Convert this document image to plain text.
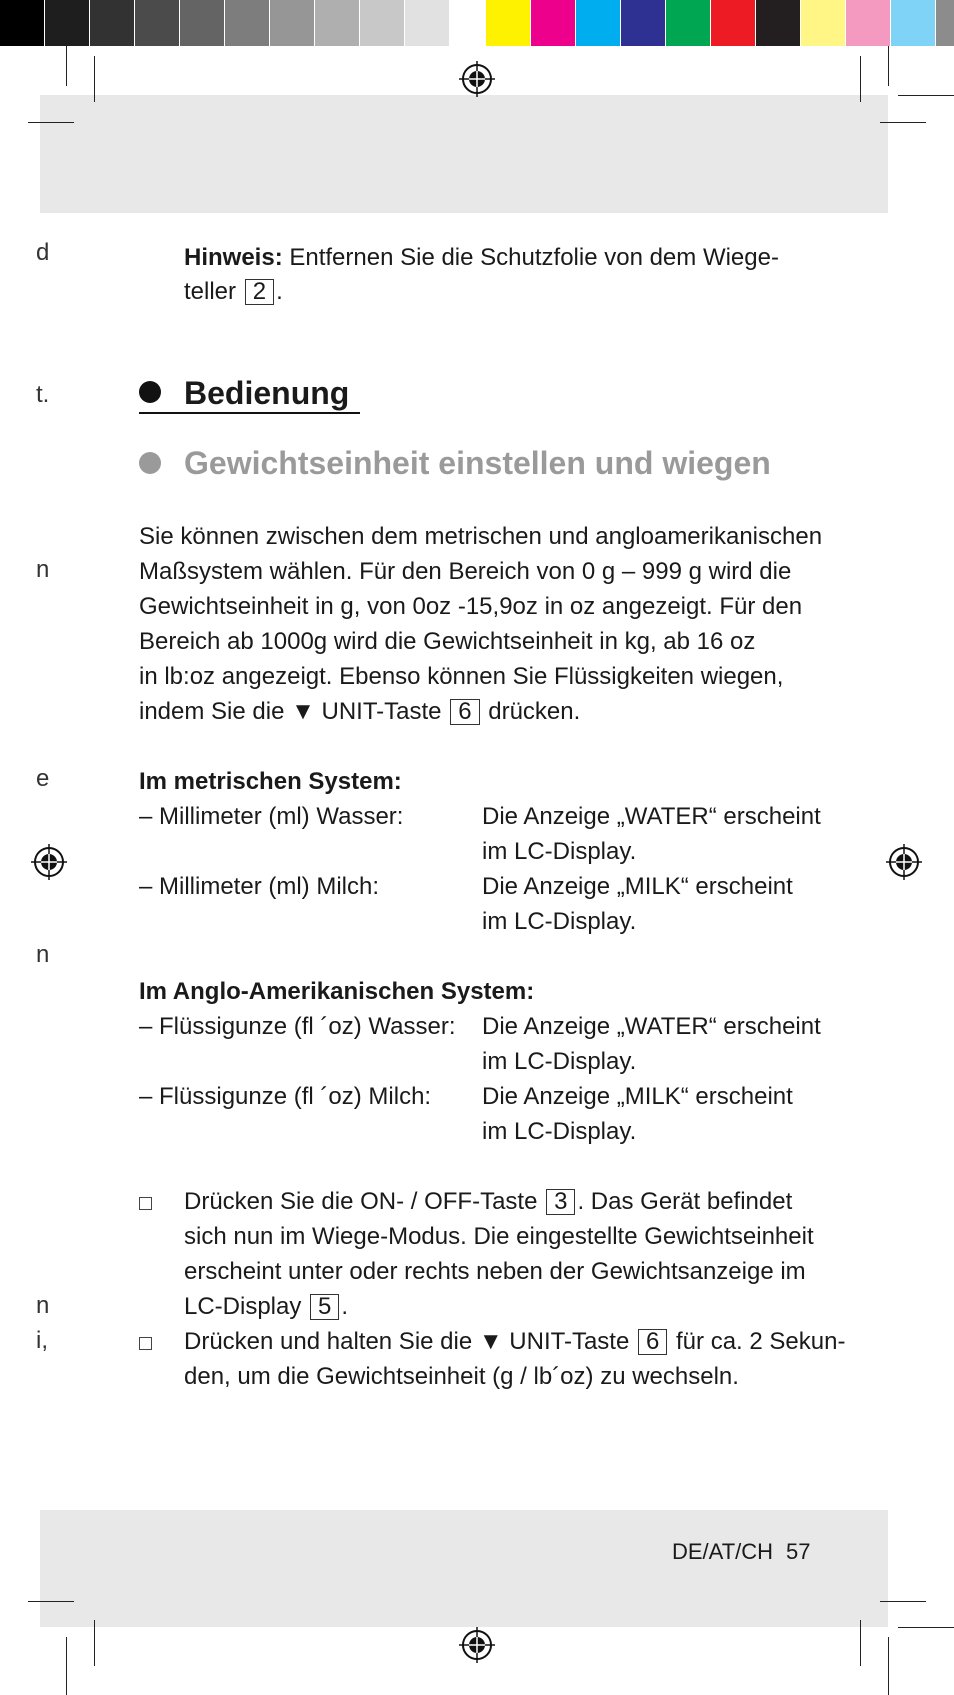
d
t.
n
e
n
n
i,
Hinweis: Entfernen Sie die Schutzfolie von dem Wiege-
teller 2 .
Bedienung
Gewichtseinheit einstellen und wiegen
Sie können zwischen dem metrischen und angloamerikanischen
Maßsystem wählen. Für den Bereich von 0 g – 999 g wird die
Gewichtseinheit in g, von 0oz -15,9oz in oz angezeigt. Für den
Bereich ab 1000g wird die Gewichtseinheit in kg, ab 16 oz
in lb:oz angezeigt. Ebenso können Sie Flüssigkeiten wiegen,
indem Sie die ▼ UNIT-Taste 6 drücken.
Im metrischen System:
– Millimeter (ml) Wasser:	Die Anzeige „WATER“ erscheint
im LC-Display.
– Millimeter (ml) Milch:	Die Anzeige „MILK“ erscheint
im LC-Display.
Im Anglo-Amerikanischen System:
– Flüssigunze (fl ´oz) Wasser: Die Anzeige „WATER“ erscheint
im LC-Display.
– Flüssigunze (fl ´oz) Milch: Die Anzeige „MILK“ erscheint
im LC-Display.
Drücken Sie die ON- / OFF-Taste 3 . Das Gerät befindet
sich nun im Wiege-Modus. Die eingestellte Gewichtseinheit
erscheint unter oder rechts neben der Gewichtsanzeige im
LC-Display 5 .
Drücken und halten Sie die ▼ UNIT-Taste 6 für ca. 2 Sekun-
den, um die Gewichtseinheit (g / lb´oz) zu wechseln.
DE/AT/CH 57
